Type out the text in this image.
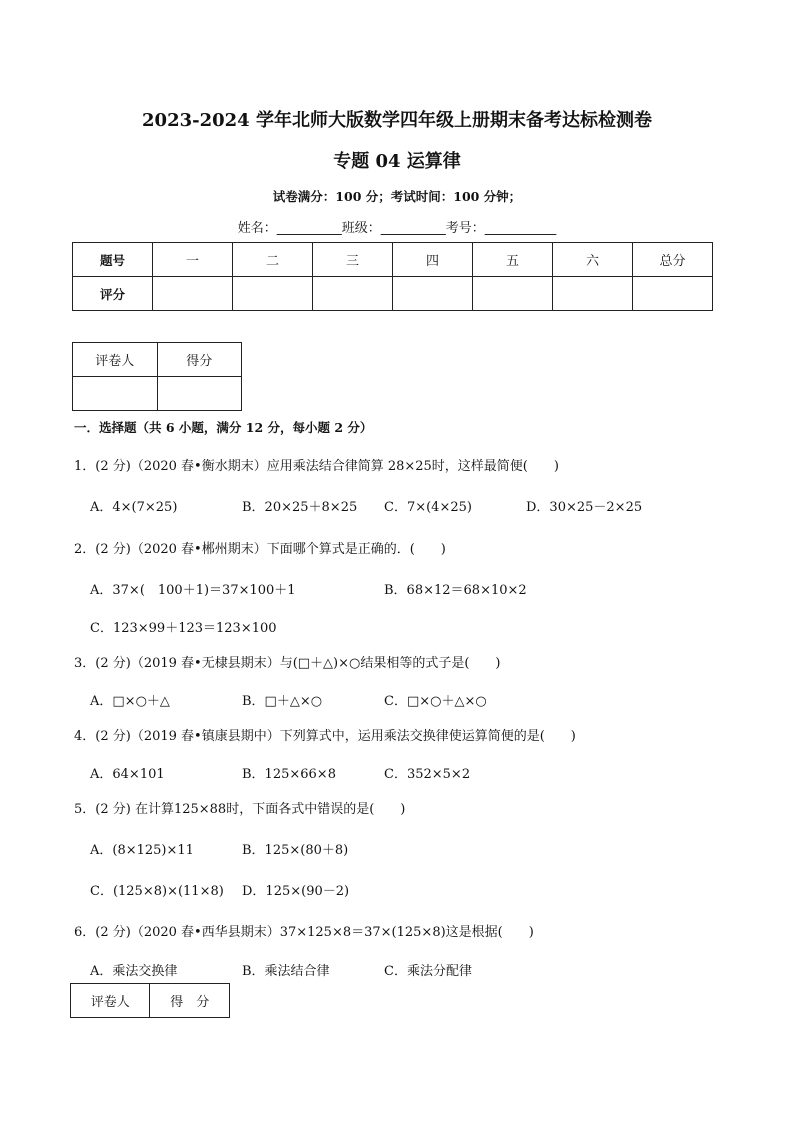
2023-2024 学年北师大版数学四年级上册期末备考达标检测卷
专题 04 运算律
试卷满分：100 分；考试时间：100 分钟；
姓名：__________班级：__________考号：___________
题号	一	二	三	四	五	六	总分
评分							
评卷人	得分

一．选择题（共 6 小题，满分 12 分，每小题 2 分）
1．(2 分)（2020 春•衡水期末）应用乘法结合律简算 28×25时，这样最简便(　　)
A．4×(7×25)	B．20×25＋8×25 C．7×(4×25)	D．30×25－2×25
2．(2 分)（2020 春•郴州期末）下面哪个算式是正确的．(　　)
A．37×(　100＋1)＝37×100＋1	B．68×12＝68×10×2
C．123×99＋123＝123×100
3．(2 分)（2019 春•无棣县期末）与(□＋△)×○结果相等的式子是(　　)
A．□×○＋△	B．□＋△×○	C．□×○＋△×○
4．(2 分)（2019 春•镇康县期中）下列算式中，运用乘法交换律使运算简便的是(　　)
A．64×101	B．125×66×8	C．352×5×2
5．(2 分) 在计算125×88时，下面各式中错误的是(　　)
A．(8×125)×11	B．125×(80＋8)
C．(125×8)×(11×8) D．125×(90－2)
6．(2 分)（2020 春•西华县期末）37×125×8＝37×(125×8)这是根据(　　)
A．乘法交换律	B．乘法结合律	C．乘法分配律
评卷人	得　分
